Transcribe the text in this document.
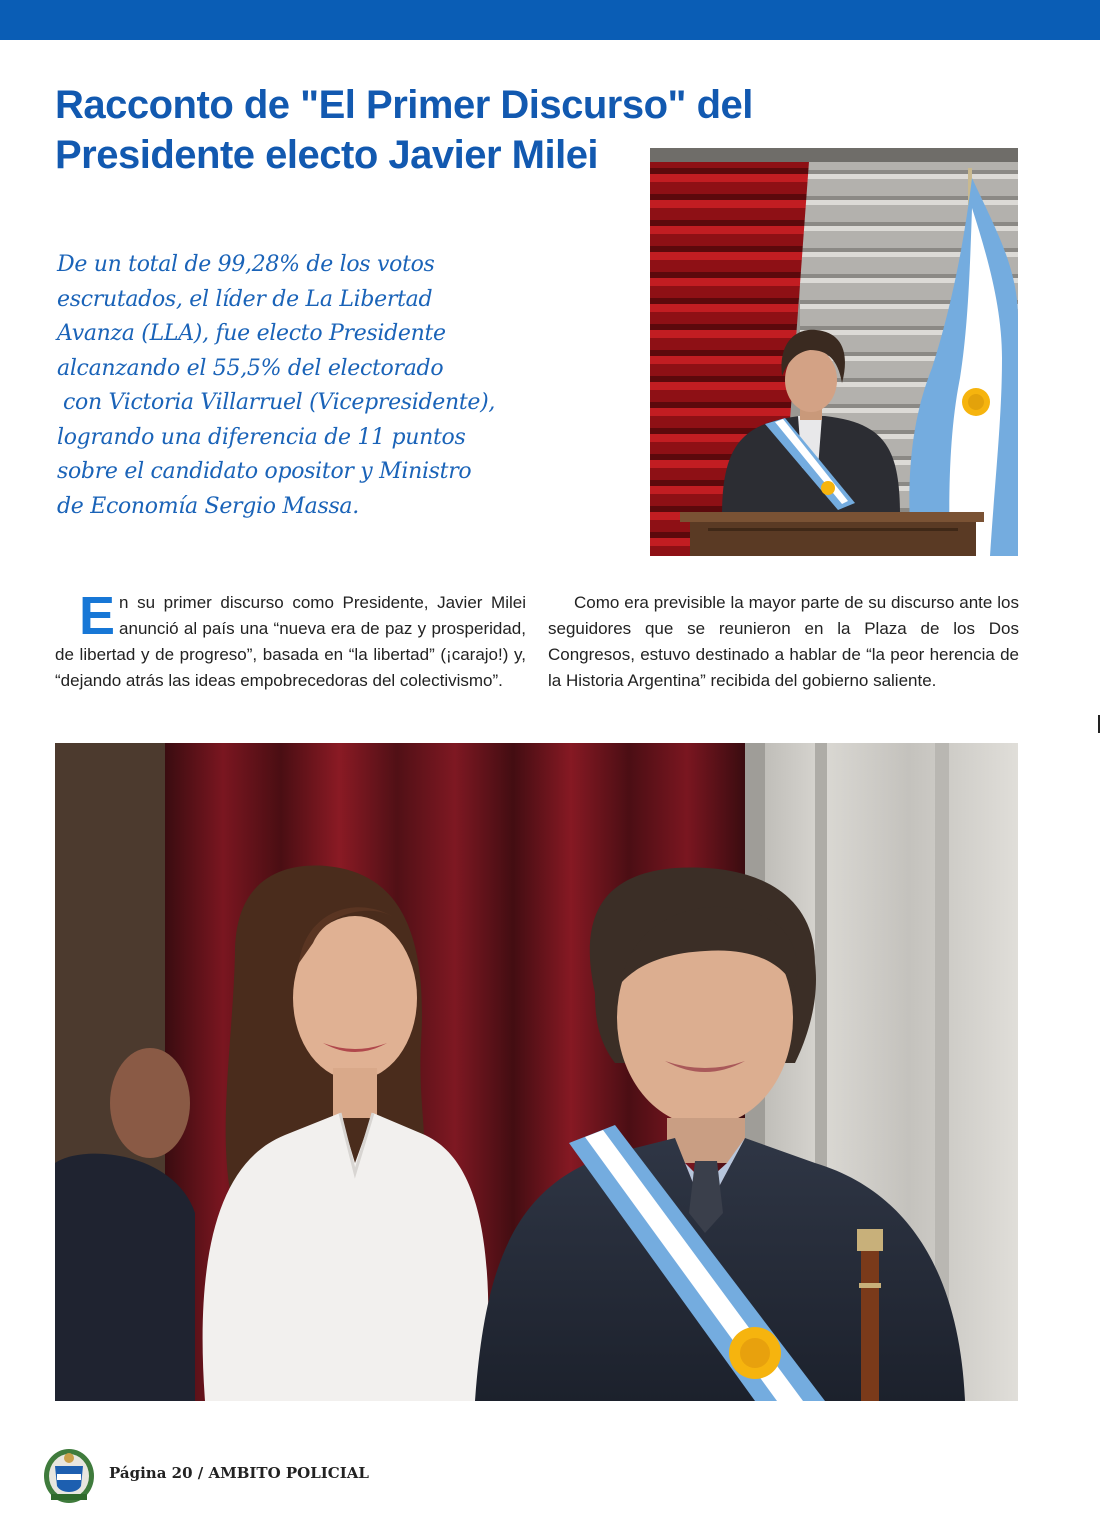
Racconto de "El Primer Discurso" del
Presidente electo Javier Milei
De un total de 99,28% de los votos
escrutados, el líder de La Libertad
Avanza (LLA), fue electo Presidente
alcanzando el 55,5% del electorado
con Victoria Villarruel (Vicepresidente),
logrando una diferencia de 11 puntos
sobre el candidato opositor y Ministro
de Economía Sergio Massa.
E n su primer discurso como Presidente, Javier Milei anunció al país una “nueva era de paz y prosperidad, de libertad y de progreso”, basada en “la libertad” (¡carajo!) y, “dejando atrás las ideas empobrecedoras del colectivismo”.
Como era previsible la mayor parte de su discurso ante los seguidores que se reunieron en la Plaza de los Dos Congresos, estuvo destinado a hablar de “la peor herencia de la Historia Argentina” recibida del gobierno saliente.
Página 20 / AMBITO POLICIAL
